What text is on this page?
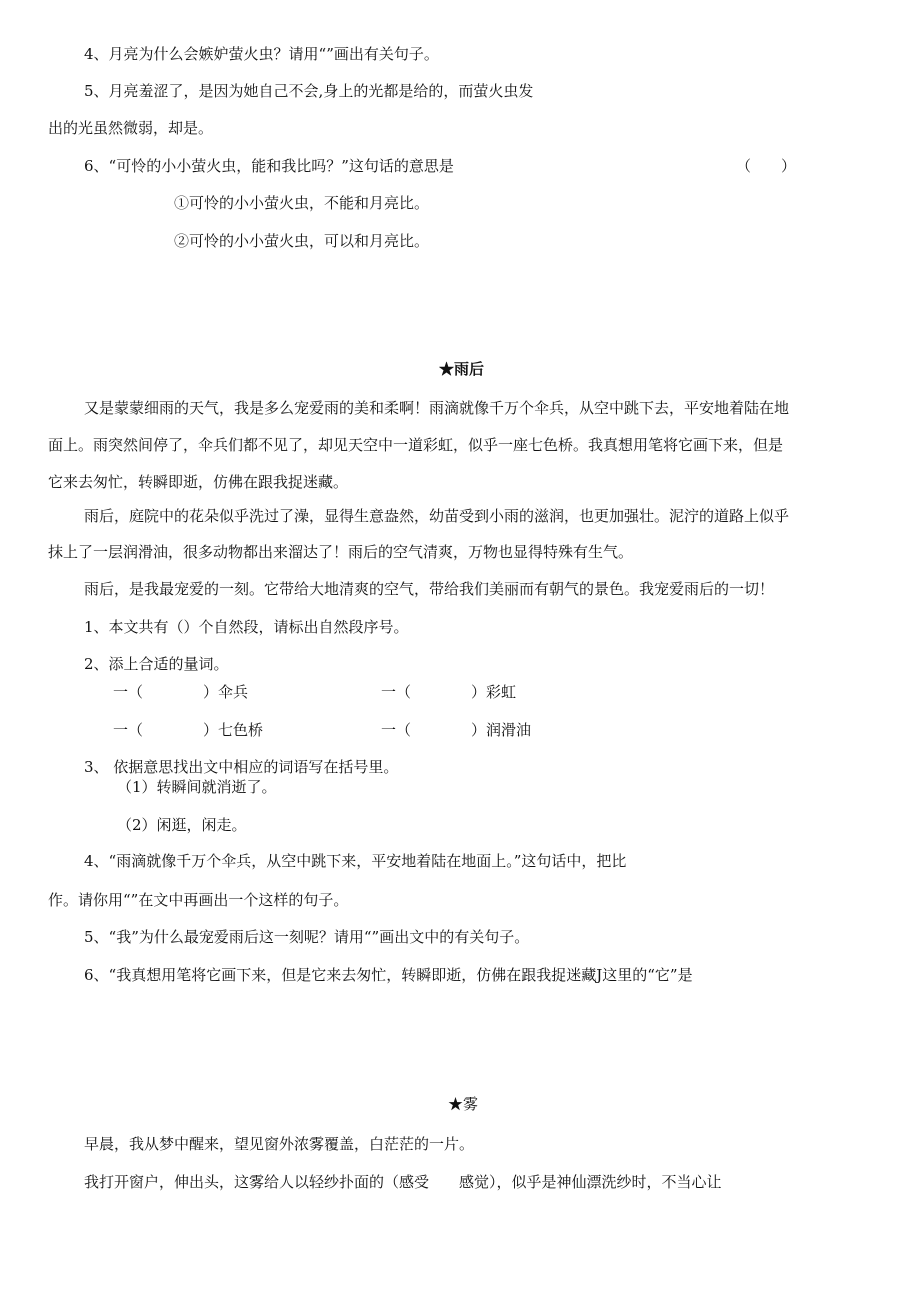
4、月亮为什么会嫉妒萤火虫？请用“”画出有关句子。
5、月亮羞涩了，是因为她自己不会,身上的光都是给的，而萤火虫发
出的光虽然微弱，却是。
6、“可怜的小小萤火虫，能和我比吗？”这句话的意思是	（　　）
①可怜的小小萤火虫，不能和月亮比。
②可怜的小小萤火虫，可以和月亮比。
★雨后
又是蒙蒙细雨的天气，我是多么宠爱雨的美和柔啊！雨滴就像千万个伞兵，从空中跳下去，平安地着陆在地
面上。雨突然间停了，伞兵们都不见了，却见天空中一道彩虹，似乎一座七色桥。我真想用笔将它画下来，但是
它来去匆忙，转瞬即逝，仿佛在跟我捉迷藏。
雨后，庭院中的花朵似乎洗过了澡，显得生意盎然，幼苗受到小雨的滋润，也更加强壮。泥泞的道路上似乎
抹上了一层润滑油，很多动物都出来溜达了！雨后的空气清爽，万物也显得特殊有生气。
雨后，是我最宠爱的一刻。它带给大地清爽的空气，带给我们美丽而有朝气的景色。我宠爱雨后的一切！
1、本文共有（）个自然段，请标出自然段序号。
2、添上合适的量词。
一（　　　　）伞兵	一（　　　　）彩虹
一（　　　　）七色桥	一（　　　　）润滑油
3、 依据意思找出文中相应的词语写在括号里。
（1）转瞬间就消逝了。
（2）闲逛，闲走。
4、“雨滴就像千万个伞兵，从空中跳下来，平安地着陆在地面上。”这句话中，把比
作。请你用“”在文中再画出一个这样的句子。
5、“我”为什么最宠爱雨后这一刻呢？请用“”画出文中的有关句子。
6、“我真想用笔将它画下来，但是它来去匆忙，转瞬即逝，仿佛在跟我捉迷藏J这里的“它”是
★雾
早晨，我从梦中醒来，望见窗外浓雾覆盖，白茫茫的一片。
我打开窗户，伸出头，这雾给人以轻纱扑面的（感受　　感觉），似乎是神仙漂洗纱时，不当心让
